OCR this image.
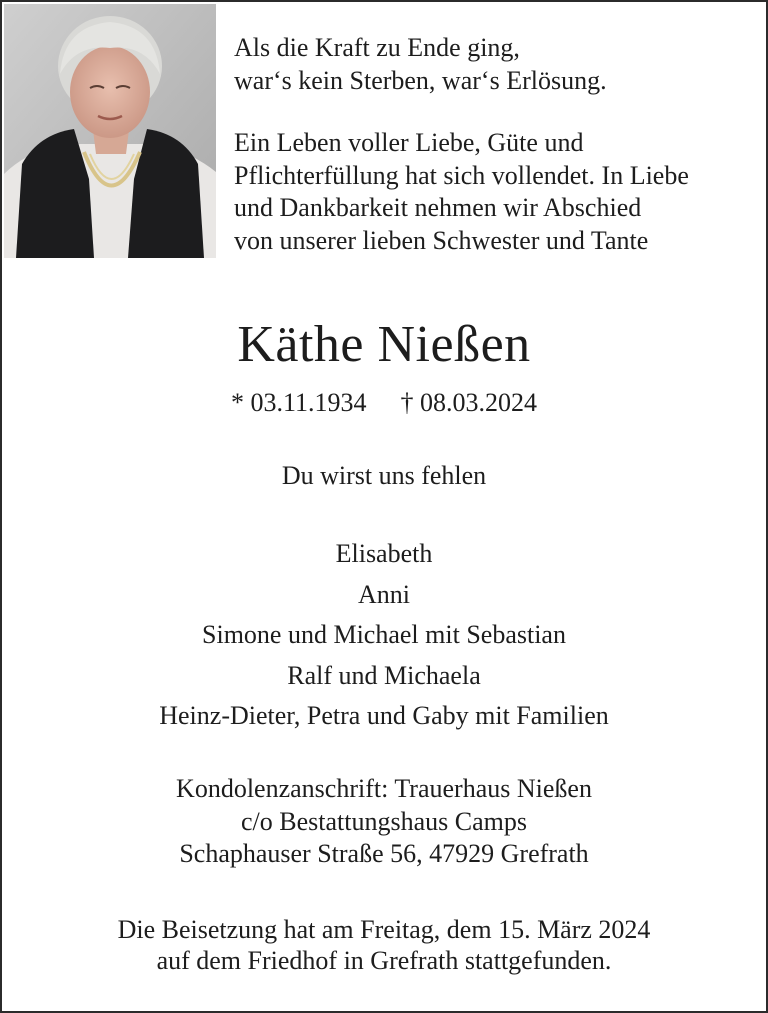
Als die Kraft zu Ende ging,
war‘s kein Sterben, war‘s Erlösung.
Ein Leben voller Liebe, Güte und
Pflichterfüllung hat sich vollendet. In Liebe
und Dankbarkeit nehmen wir Abschied
von unserer lieben Schwester und Tante
Käthe Nießen
* 03.11.1934 † 08.03.2024
Du wirst uns fehlen
Elisabeth
Anni
Simone und Michael mit Sebastian
Ralf und Michaela
Heinz-Dieter, Petra und Gaby mit Familien
Kondolenzanschrift: Trauerhaus Nießen
c/o Bestattungshaus Camps
Schaphauser Straße 56, 47929 Grefrath
Die Beisetzung hat am Freitag, dem 15. März 2024
auf dem Friedhof in Grefrath stattgefunden.
